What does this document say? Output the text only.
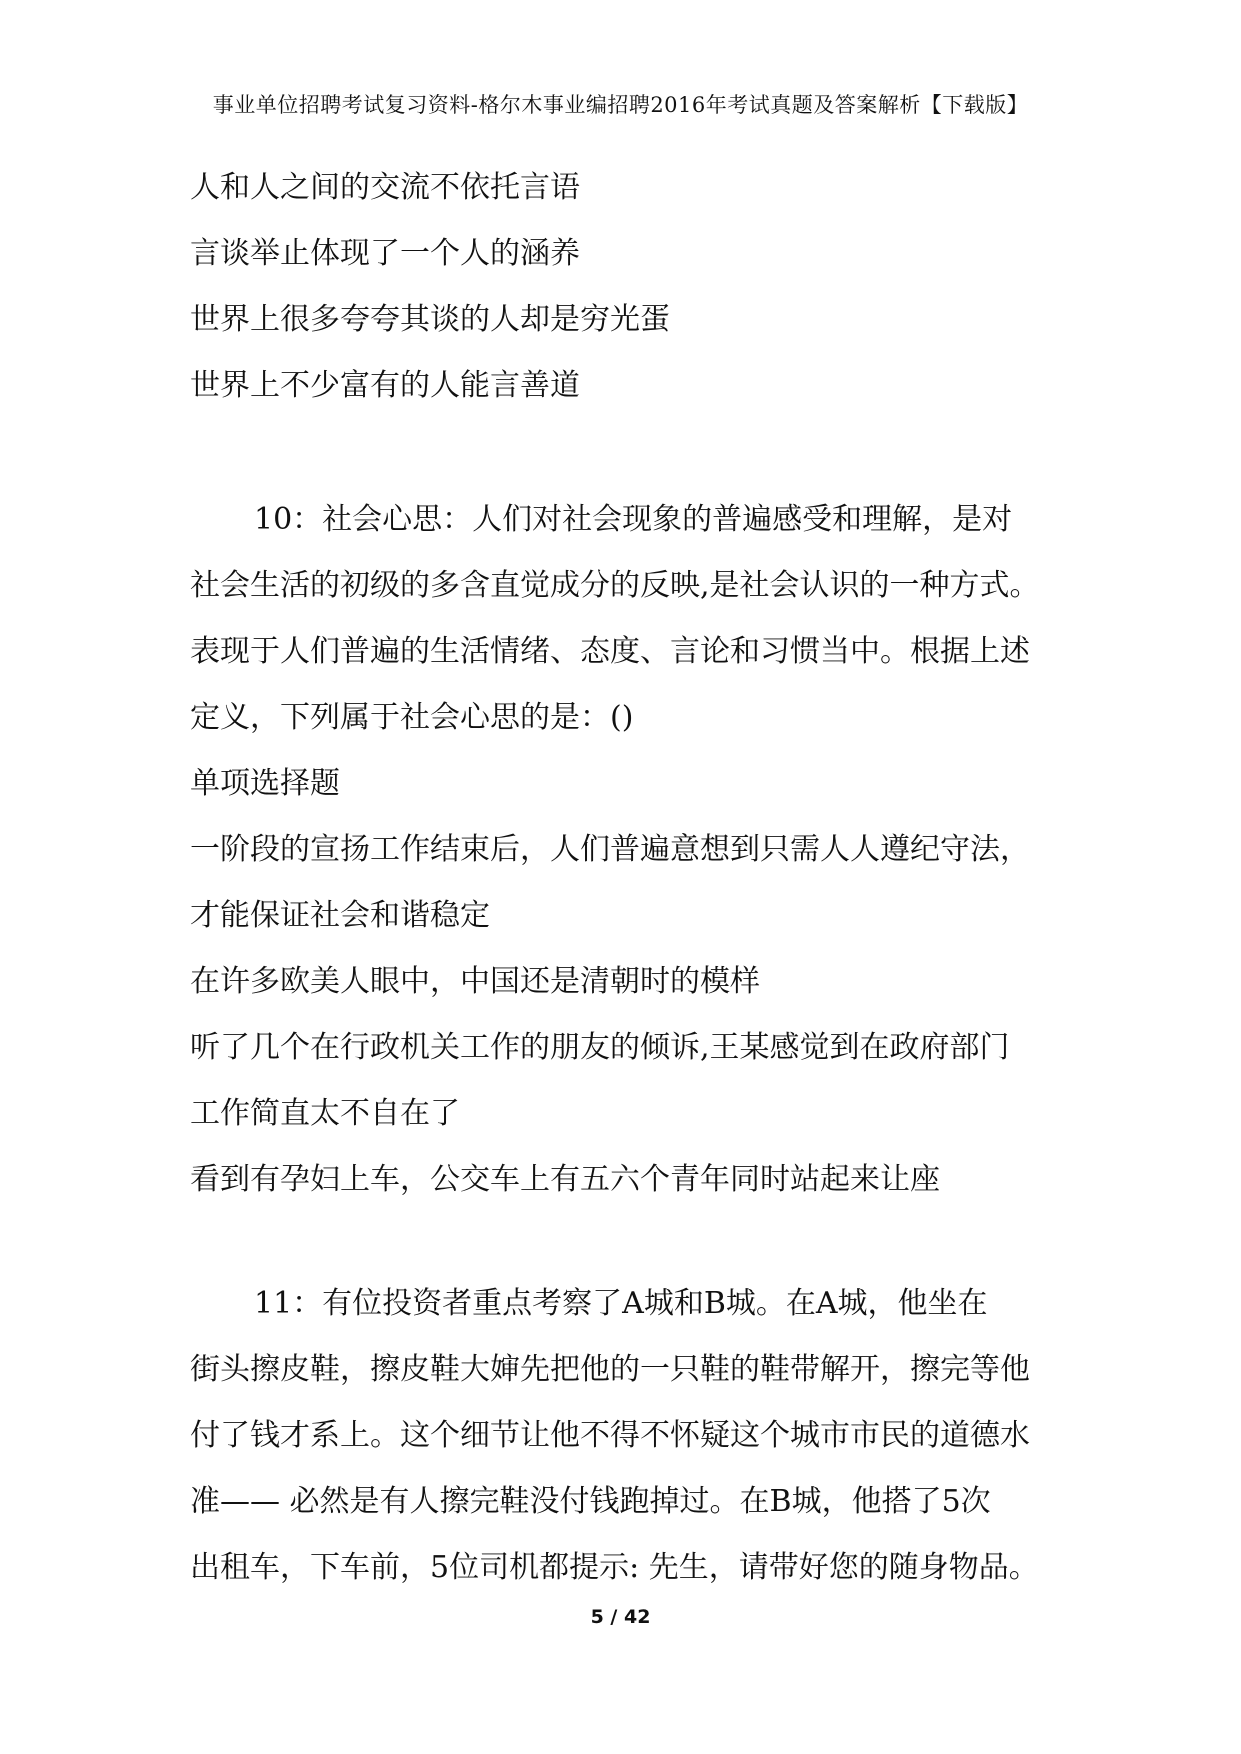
事业单位招聘考试复习资料-格尔木事业编招聘2016年考试真题及答案解析【下载版】
人和人之间的交流不依托言语
言谈举止体现了一个人的涵养
世界上很多夸夸其谈的人却是穷光蛋
世界上不少富有的人能言善道
10：社会心思：人们对社会现象的普遍感受和理解，是对
社会生活的初级的多含直觉成分的反映,是社会认识的一种方式。
表现于人们普遍的生活情绪、态度、言论和习惯当中。根据上述
定义，下列属于社会心思的是：()
单项选择题
一阶段的宣扬工作结束后，人们普遍意想到只需人人遵纪守法，
才能保证社会和谐稳定
在许多欧美人眼中，中国还是清朝时的模样
听了几个在行政机关工作的朋友的倾诉,王某感觉到在政府部门
工作简直太不自在了
看到有孕妇上车，公交车上有五六个青年同时站起来让座
11：有位投资者重点考察了A城和B城。在A城，他坐在
街头擦皮鞋，擦皮鞋大婶先把他的一只鞋的鞋带解开，擦完等他
付了钱才系上。这个细节让他不得不怀疑这个城市市民的道德水
准—— 必然是有人擦完鞋没付钱跑掉过。在B城，他搭了5次
出租车，下车前，5位司机都提示: 先生，请带好您的随身物品。
5 / 42
